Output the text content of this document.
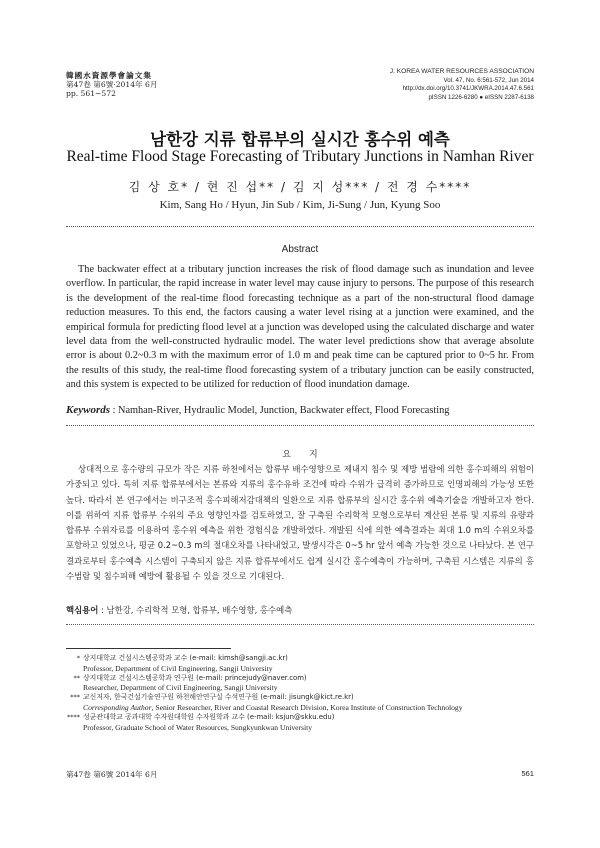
韓國水資源學會論文集
第47卷 第6號·2014年 6月
pp. 561~572
J. KOREA WATER RESOURCES ASSOCIATION
Vol. 47, No. 6:561-572, Jun 2014
http://dx.doi.org/10.3741/JKWRA.2014.47.6.561
pISSN 1226-6280 ● eISSN 2287-6138
남한강 지류 합류부의 실시간 홍수위 예측
Real-time Flood Stage Forecasting of Tributary Junctions in Namhan River
김 상 호* / 현 진 섭** / 김 지 성*** / 전 경 수****
Kim, Sang Ho / Hyun, Jin Sub / Kim, Ji-Sung / Jun, Kyung Soo
Abstract

The backwater effect at a tributary junction increases the risk of flood damage such as inundation and levee overflow. In particular, the rapid increase in water level may cause injury to persons. The purpose of this research is the development of the real-time flood forecasting technique as a part of the non-structural flood damage reduction measures. To this end, the factors causing a water level rising at a junction were examined, and the empirical formula for predicting flood level at a junction was developed using the calculated discharge and water level data from the well-constructed hydraulic model. The water level predictions show that average absolute error is about 0.2~0.3 m with the maximum error of 1.0 m and peak time can be captured prior to 0~5 hr. From the results of this study, the real-time flood forecasting system of a tributary junction can be easily constructed, and this system is expected to be utilized for reduction of flood inundation damage.

Keywords : Namhan-River, Hydraulic Model, Junction, Backwater effect, Flood Forecasting
요지

상대적으로 홍수량의 규모가 작은 지류 하천에서는 합류부 배수영향으로 제내지 침수 및 제방 범람에 의한 홍수피해의 위험이 가중되고 있다. 특히 지류 합류부에서는 본류와 지류의 홍수유하 조건에 따라 수위가 급격히 증가하므로 인명피해의 가능성 또한 높다. 따라서 본 연구에서는 비구조적 홍수피해저감대책의 일환으로 지류 합류부의 실시간 홍수위 예측기술을 개발하고자 한다. 이를 위하여 지류 합류부 수위의 주요 영향인자를 검토하였고, 잘 구축된 수리학적 모형으로부터 계산된 본류 및 지류의 유량과 합류부 수위자료를 이용하여 홍수위 예측을 위한 경험식을 개발하였다. 개발된 식에 의한 예측결과는 최대 1.0 m의 수위오차를 포함하고 있었으나, 평균 0.2~0.3 m의 절대오차를 나타내었고, 발생시각은 0~5 hr 앞서 예측 가능한 것으로 나타났다. 본 연구결과로부터 홍수예측 시스템이 구축되지 않은 지류 합류부에서도 쉽게 실시간 홍수예측이 가능하며, 구축된 시스템은 지류의 홍수범람 및 침수피해 예방에 활용될 수 있을 것으로 기대된다.

핵심용어 : 남한강, 수리학적 모형, 합류부, 배수영향, 홍수예측
* 상지대학교 건설시스템공학과 교수 (e-mail: kimsh@sangji.ac.kr)
Professor, Department of Civil Engineering, Sangji University
** 상지대학교 건설시스템공학과 연구원 (e-mail: princejudy@naver.com)
Researcher, Department of Civil Engineering, Sangji University
*** 교신저자, 한국건설기술연구원 하천해안연구실 수석연구원 (e-mail: jisungk@kict.re.kr)
Corresponding Author, Senior Researcher, River and Coastal Research Division, Korea Institute of Construction Technology
**** 성균관대학교 공과대학 수자원대학원 수자원학과 교수 (e-mail: ksjun@skku.edu)
Professor, Graduate School of Water Resources, Sungkyunkwan University
第47卷 第6號 2014年 6月	561
